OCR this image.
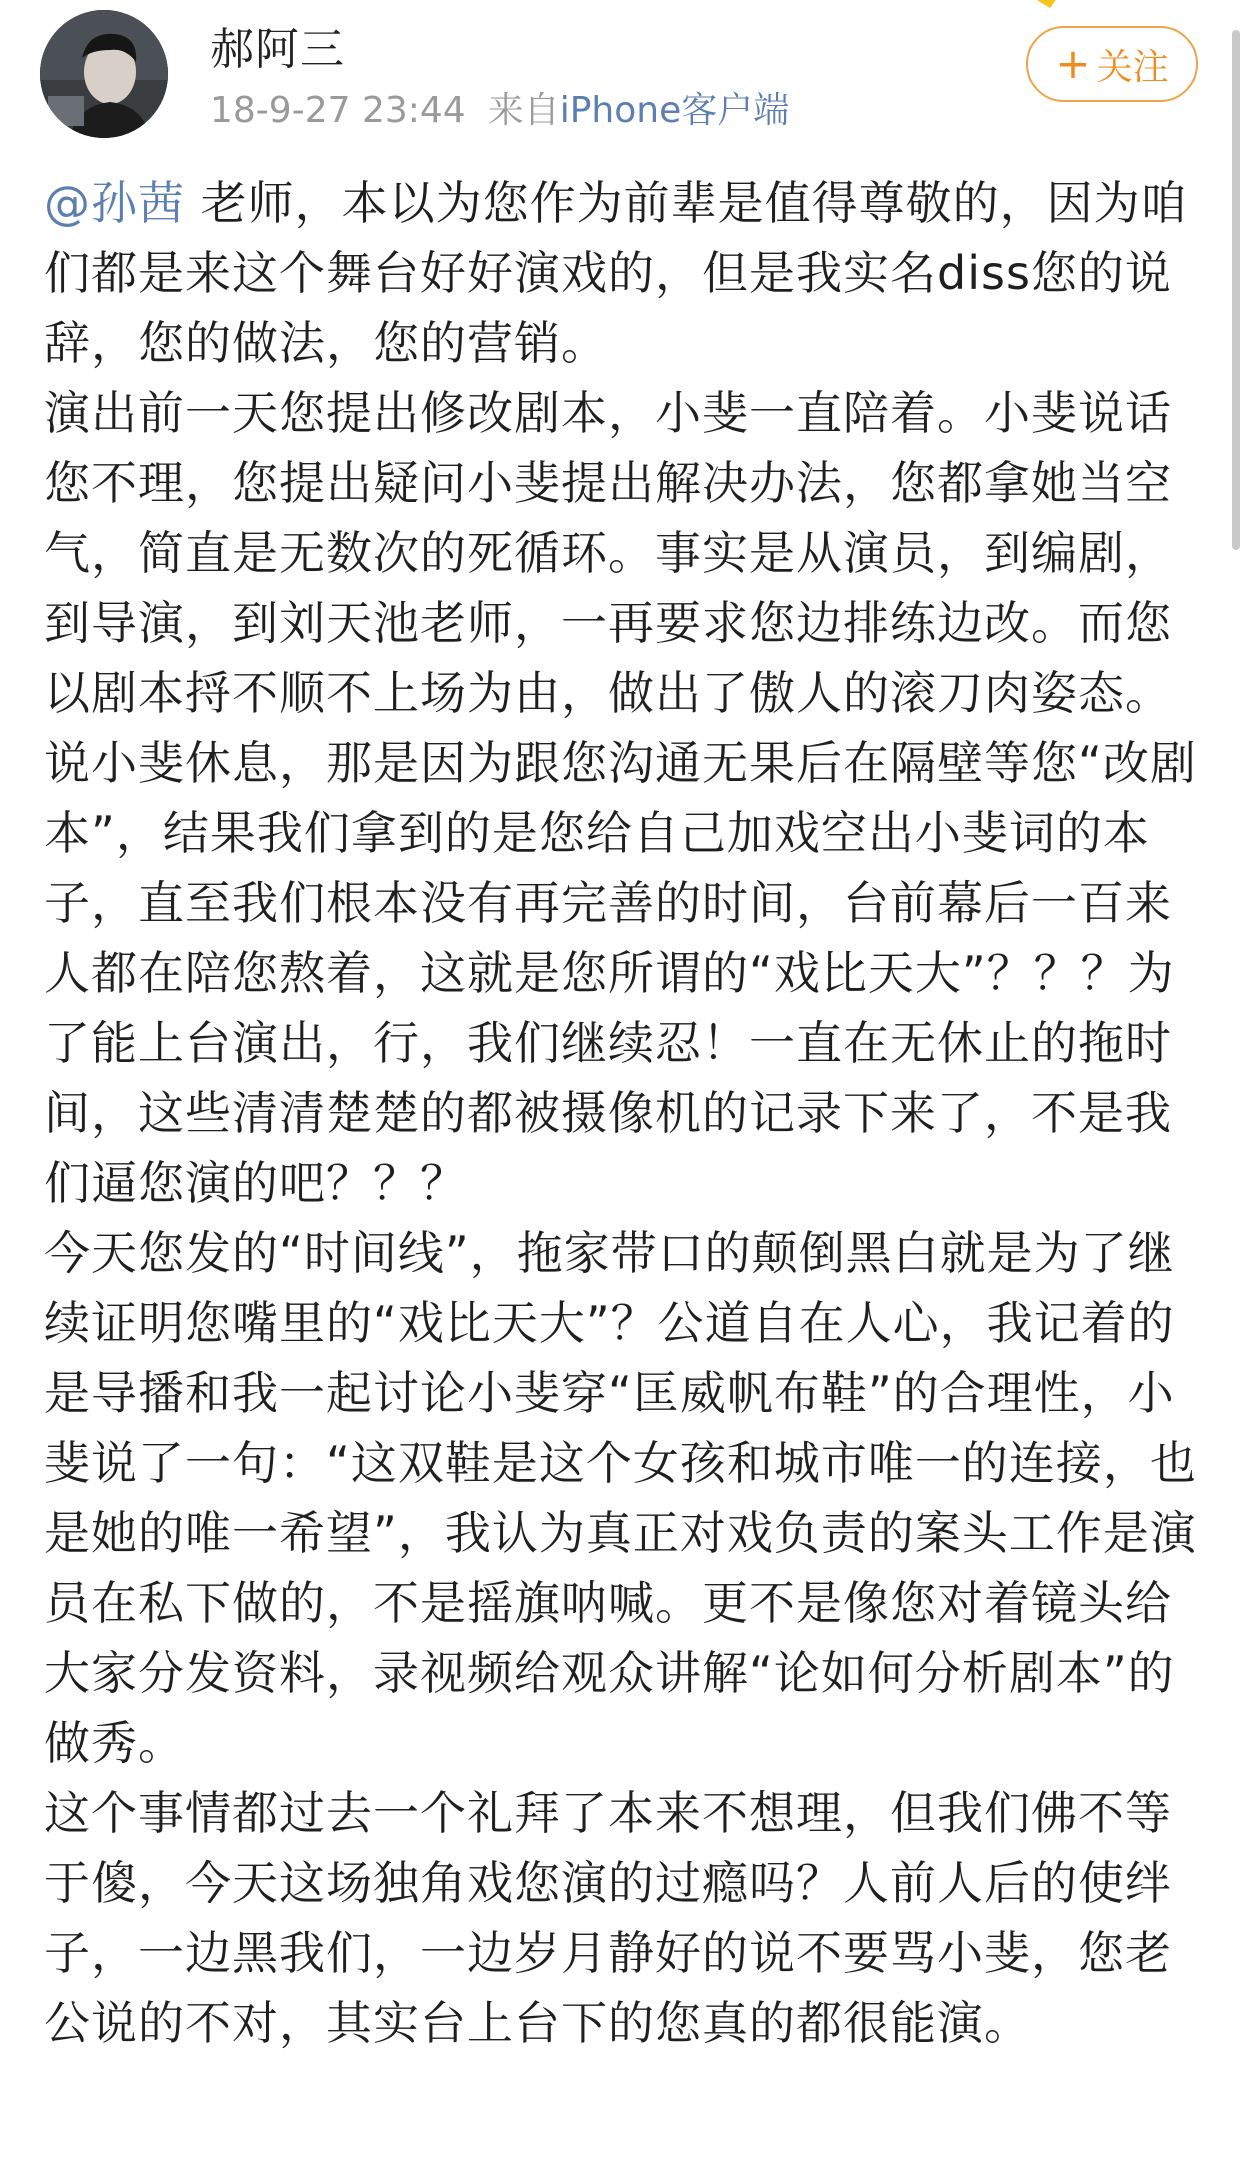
郝阿三
18-9-27 23:44 来自iPhone客户端
+ 关注

@孙茜 老师，本以为您作为前辈是值得尊敬的，因为咱们都是来这个舞台好好演戏的，但是我实名diss您的说辞，您的做法，您的营销。

演出前一天您提出修改剧本，小斐一直陪着。小斐说话您不理，您提出疑问小斐提出解决办法，您都拿她当空气，简直是无数次的死循环。事实是从演员，到编剧，到导演，到刘天池老师，一再要求您边排练边改。而您以剧本捋不顺不上场为由，做出了傲人的滚刀肉姿态。

说小斐休息，那是因为跟您沟通无果后在隔壁等您“改剧本”，结果我们拿到的是您给自己加戏空出小斐词的本子，直至我们根本没有再完善的时间，台前幕后一百来人都在陪您熬着，这就是您所谓的“戏比天大”？？？为了能上台演出，行，我们继续忍！一直在无休止的拖时间，这些清清楚楚的都被摄像机的记录下来了，不是我们逼您演的吧？？？

今天您发的“时间线”，拖家带口的颠倒黑白就是为了继续证明您嘴里的“戏比天大”？公道自在人心，我记着的是导播和我一起讨论小斐穿“匡威帆布鞋”的合理性，小斐说了一句：“这双鞋是这个女孩和城市唯一的连接，也是她的唯一希望”，我认为真正对戏负责的案头工作是演员在私下做的，不是摇旗呐喊。更不是像您对着镜头给大家分发资料，录视频给观众讲解“论如何分析剧本”的做秀。

这个事情都过去一个礼拜了本来不想理，但我们佛不等于傻，今天这场独角戏您演的过瘾吗？人前人后的使绊子，一边黑我们，一边岁月静好的说不要骂小斐，您老公说的不对，其实台上台下的您真的都很能演。
